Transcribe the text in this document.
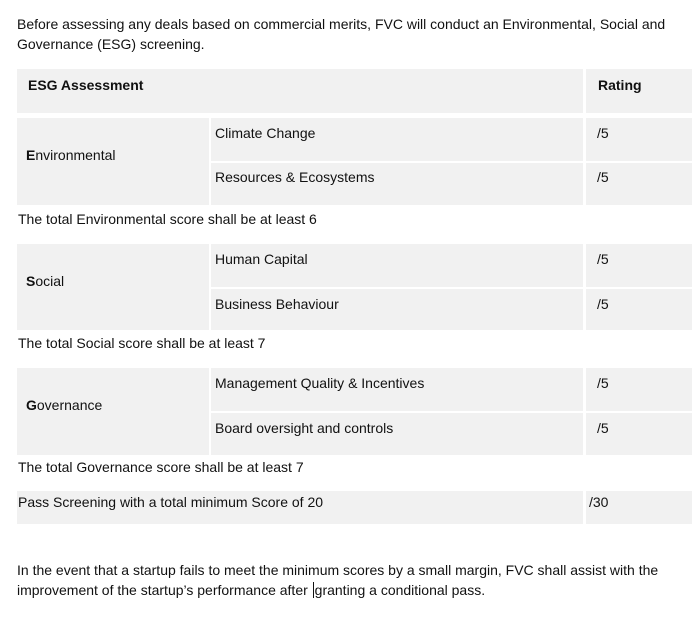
Before assessing any deals based on commercial merits, FVC will conduct an Environmental, Social and Governance (ESG) screening.

ESG Assessment	Rating
Environmental
Climate Change	/5
Resources & Ecosystems	/5
The total Environmental score shall be at least 6
Social
Human Capital	/5
Business Behaviour	/5
The total Social score shall be at least 7
Governance
Management Quality & Incentives	/5
Board oversight and controls	/5
The total Governance score shall be at least 7
Pass Screening with a total minimum Score of 20	/30

In the event that a startup fails to meet the minimum scores by a small margin, FVC shall assist with the improvement of the startup’s performance after granting a conditional pass.
